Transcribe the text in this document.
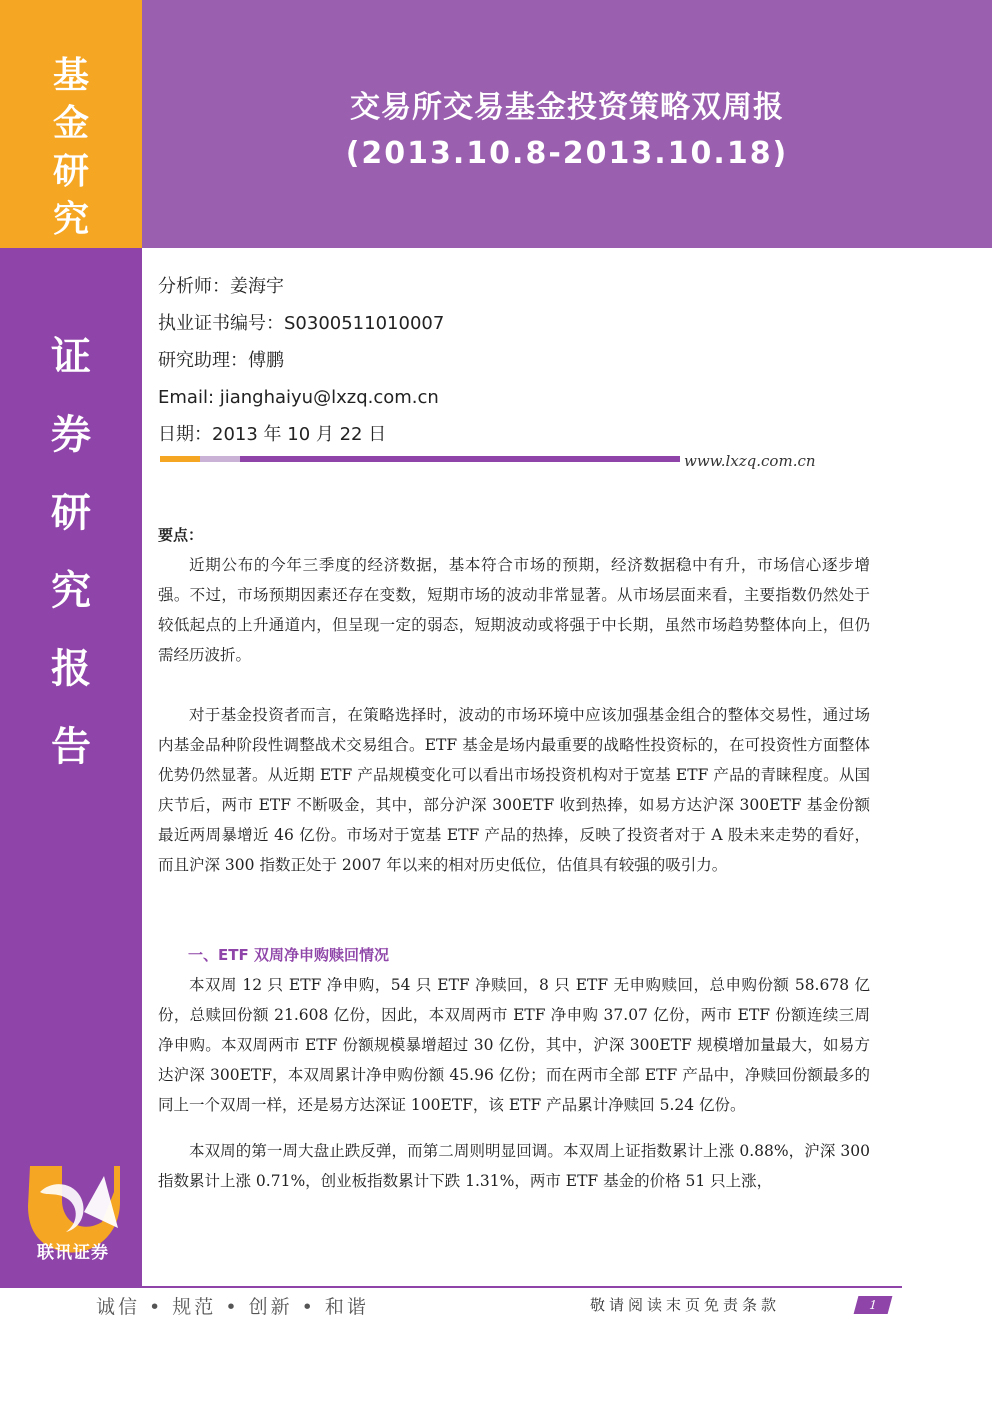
基
金
研
究
证
券
研
究
报
告
联讯证券
交易所交易基金投资策略双周报
(2013.10.8-2013.10.18)
分析师：姜海宇
执业证书编号：S0300511010007
研究助理：傅鹏
Email: jianghaiyu@lxzq.com.cn
日期：2013 年 10 月 22 日
www.lxzq.com.cn
要点：

近期公布的今年三季度的经济数据，基本符合市场的预期，经济数据稳中有升，市场信心逐步增强。不过，市场预期因素还存在变数，短期市场的波动非常显著。从市场层面来看，主要指数仍然处于较低起点的上升通道内，但呈现一定的弱态，短期波动或将强于中长期，虽然市场趋势整体向上，但仍需经历波折。

对于基金投资者而言，在策略选择时，波动的市场环境中应该加强基金组合的整体交易性，通过场内基金品种阶段性调整战术交易组合。ETF 基金是场内最重要的战略性投资标的，在可投资性方面整体优势仍然显著。从近期 ETF 产品规模变化可以看出市场投资机构对于宽基 ETF 产品的青睐程度。从国庆节后，两市 ETF 不断吸金，其中，部分沪深 300ETF 收到热捧，如易方达沪深 300ETF 基金份额最近两周暴增近 46 亿份。市场对于宽基 ETF 产品的热捧，反映了投资者对于 A 股未来走势的看好，而且沪深 300 指数正处于 2007 年以来的相对历史低位，估值具有较强的吸引力。

一、ETF 双周净申购赎回情况

本双周 12 只 ETF 净申购，54 只 ETF 净赎回，8 只 ETF 无申购赎回，总申购份额 58.678 亿份，总赎回份额 21.608 亿份，因此，本双周两市 ETF 净申购 37.07 亿份，两市 ETF 份额连续三周净申购。本双周两市 ETF 份额规模暴增超过 30 亿份，其中，沪深 300ETF 规模增加量最大，如易方达沪深 300ETF，本双周累计净申购份额 45.96 亿份；而在两市全部 ETF 产品中，净赎回份额最多的同上一个双周一样，还是易方达深证 100ETF，该 ETF 产品累计净赎回 5.24 亿份。

本双周的第一周大盘止跌反弹，而第二周则明显回调。本双周上证指数累计上涨 0.88%，沪深 300 指数累计上涨 0.71%，创业板指数累计下跌 1.31%，两市 ETF 基金的价格 51 只上涨，

诚信 • 规范 • 创新 • 和谐	敬请阅读末页免责条款	1
